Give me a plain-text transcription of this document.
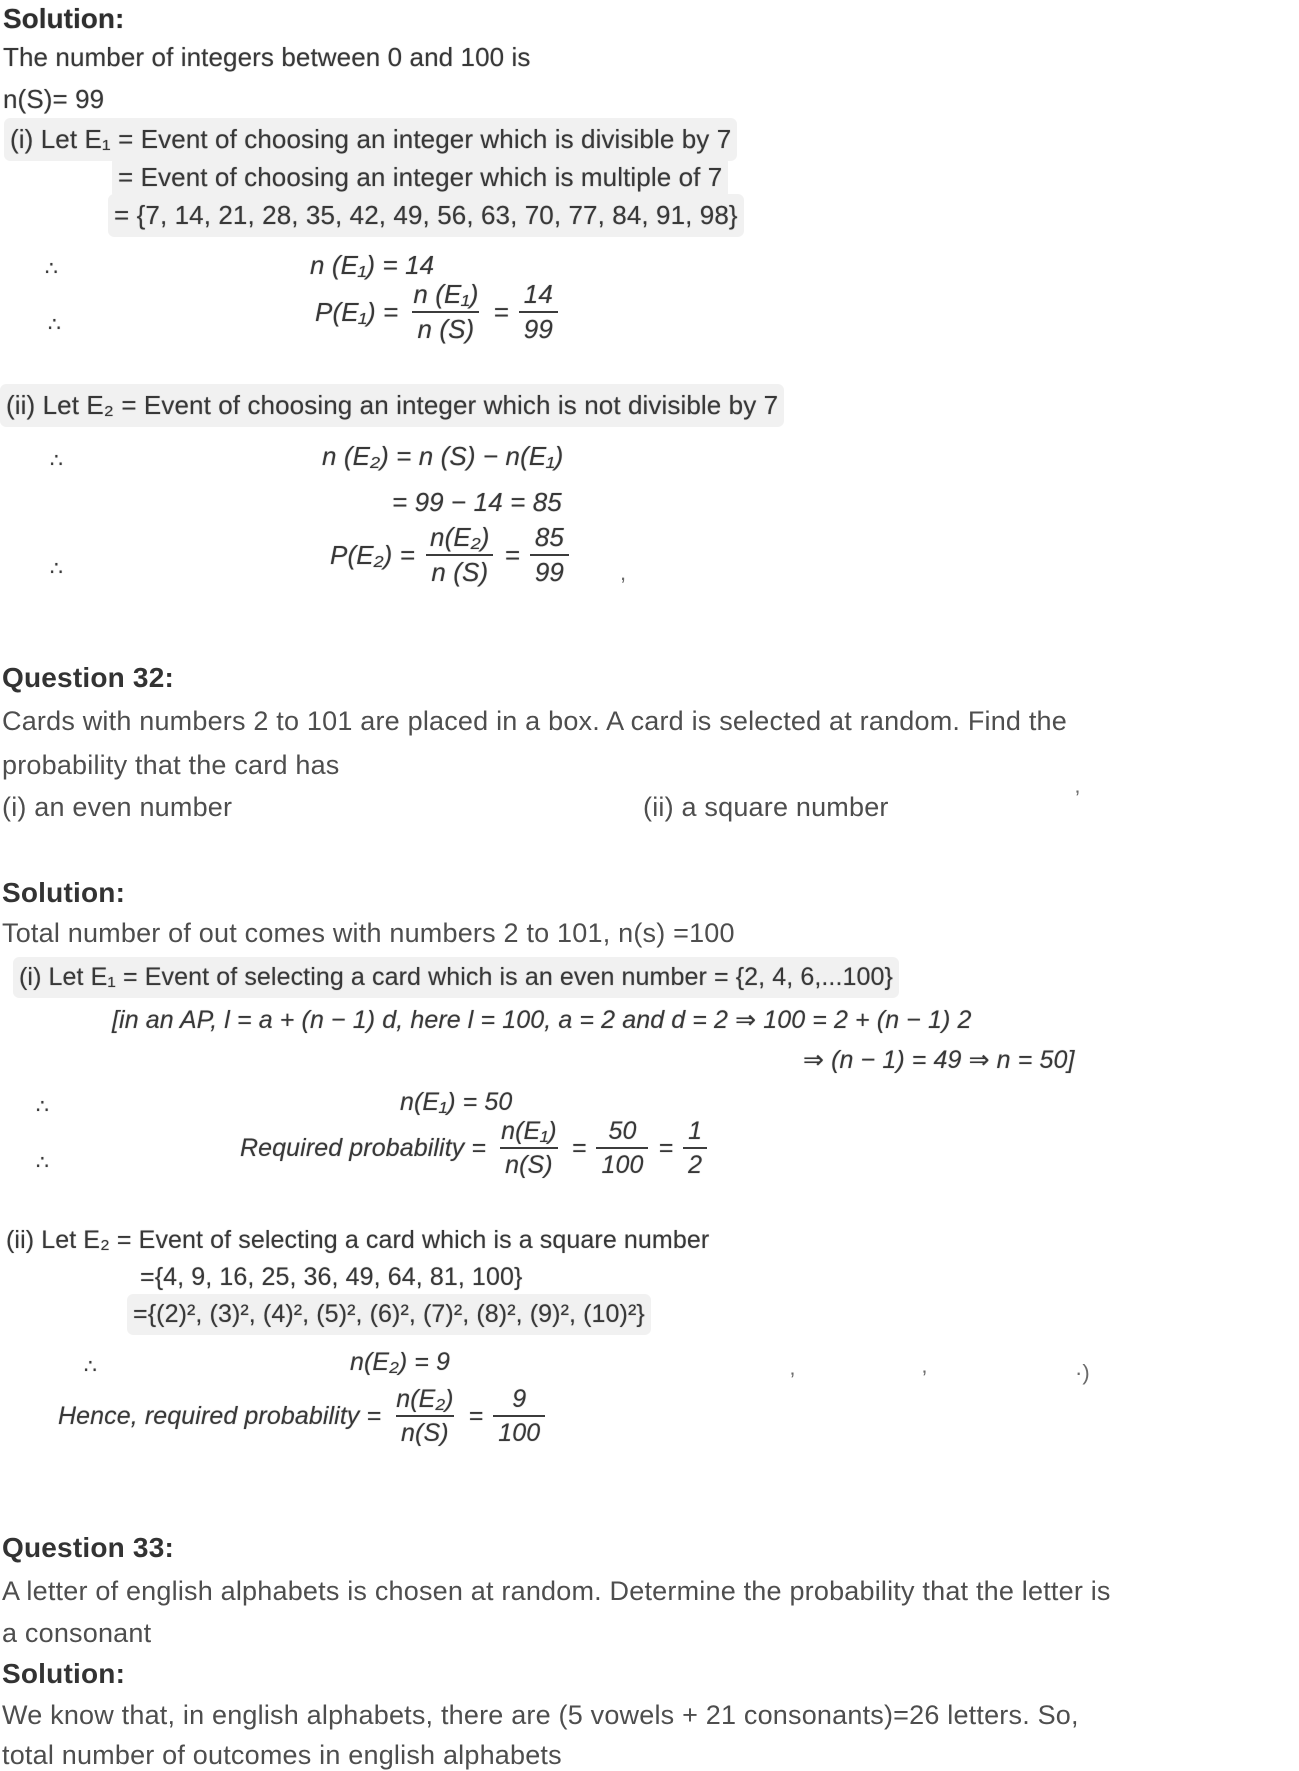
Solution:
The number of integers between 0 and 100 is
n(S)= 99
(i) Let E₁ = Event of choosing an integer which is divisible by 7
= Event of choosing an integer which is multiple of 7
= {7, 14, 21, 28, 35, 42, 49, 56, 63, 70, 77, 84, 91, 98}
∴	n (E₁) = 14
∴	$P(E_1) = \frac{\text{n (E₁)}}{n (S)} = \frac{14}{99}$
(ii) Let E₂ = Event of choosing an integer which is not divisible by 7
∴	n (E₂) = n (S) − n(E₁)
= 99 − 14 = 85
∴	$P(E_2) = \frac{\text{n(E₂)}}{n (S)} = \frac{85}{99}$ ,
Question 32:
Cards with numbers 2 to 101 are placed in a box. A card is selected at random. Find the
probability that the card has
(i) an even number	(ii) a square number	’
Solution:
Total number of out comes with numbers 2 to 101, n(s) =100
(i) Let E₁ = Event of selecting a card which is an even number = {2, 4, 6,...100}
[in an AP, l = a + (n − 1) d, here l = 100, a = 2 and d = 2 ⇒ 100 = 2 + (n − 1) 2
⇒ (n − 1) = 49 ⇒ n = 50]
∴	n(E₁) = 50
∴
Required probability = $\frac{\text{n(E₁)}}{n(S)} = \frac{50}{100} = \frac{1}{2}$
(ii) Let E₂ = Event of selecting a card which is a square number
={4, 9, 16, 25, 36, 49, 64, 81, 100}
={(2)², (3)², (4)², (5)², (6)², (7)², (8)², (9)², (10)²}
∴	n(E₂) = 9
’	’	·)
Hence, required probability = $\frac{\text{n(E₂)}}{n(S)} = \frac{9}{100}$
Question 33:
A letter of english alphabets is chosen at random. Determine the probability that the letter is
a consonant
Solution:
We know that, in english alphabets, there are (5 vowels + 21 consonants)=26 letters. So,
total number of outcomes in english alphabets
